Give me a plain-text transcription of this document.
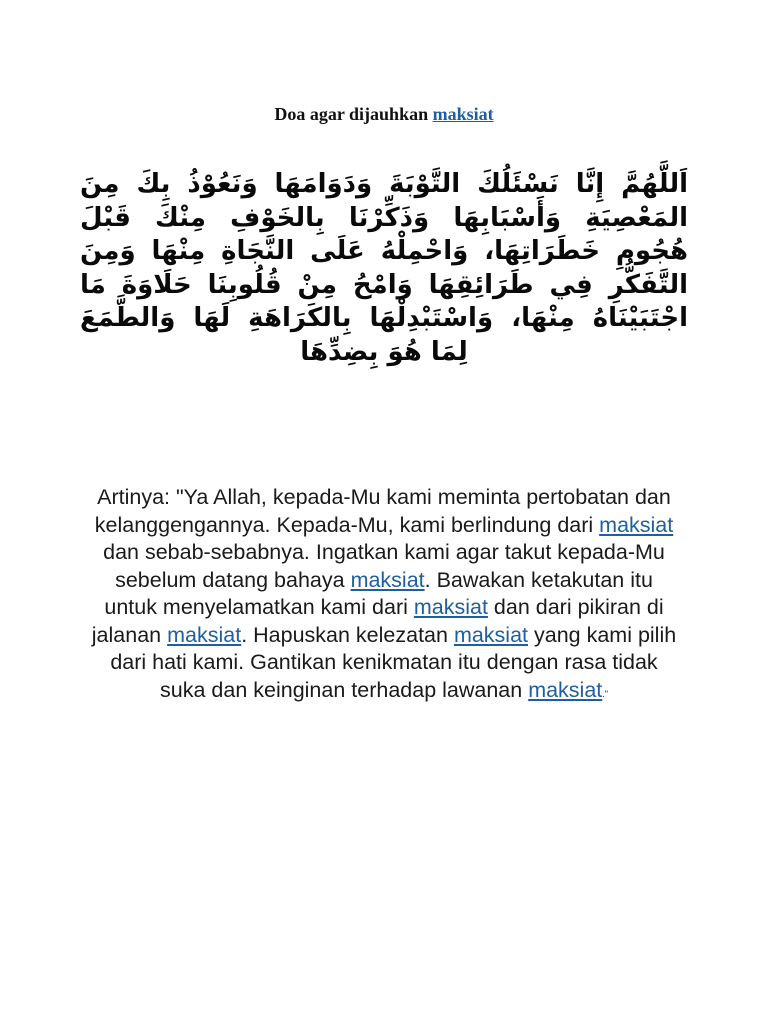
Doa agar dijauhkan maksiat

اَللَّهُمَّ إِنَّا نَسْئَلُكَ التَّوْبَةَ وَدَوَامَهَا وَنَعُوْذُ بِكَ مِنَ المَعْصِيَةِ وَأَسْبَابِهَا وَذَكِّرْنَا بِالخَوْفِ مِنْكَ قَبْلَ هُجُومِ خَطَرَاتِهَا، وَاحْمِلْهُ عَلَى النَّجَاةِ مِنْهَا وَمِنَ التَّفَكُّرِ فِي طَرَائِقِهَا وَامْحُ مِنْ قُلُوبِنَا حَلَاوَةَ مَا اجْتَبَيْنَاهُ مِنْهَا، وَاسْتَبْدِلْهَا بِالكَرَاهَةِ لَهَا وَالطَّمَعَ لِمَا هُوَ بِضِدِّهَا

Artinya: "Ya Allah, kepada-Mu kami meminta pertobatan dan kelanggengannya. Kepada-Mu, kami berlindung dari maksiat dan sebab-sebabnya. Ingatkan kami agar takut kepada-Mu sebelum datang bahaya maksiat. Bawakan ketakutan itu untuk menyelamatkan kami dari maksiat dan dari pikiran di jalanan maksiat. Hapuskan kelezatan maksiat yang kami pilih dari hati kami. Gantikan kenikmatan itu dengan rasa tidak suka dan keinginan terhadap lawanan maksiat."
